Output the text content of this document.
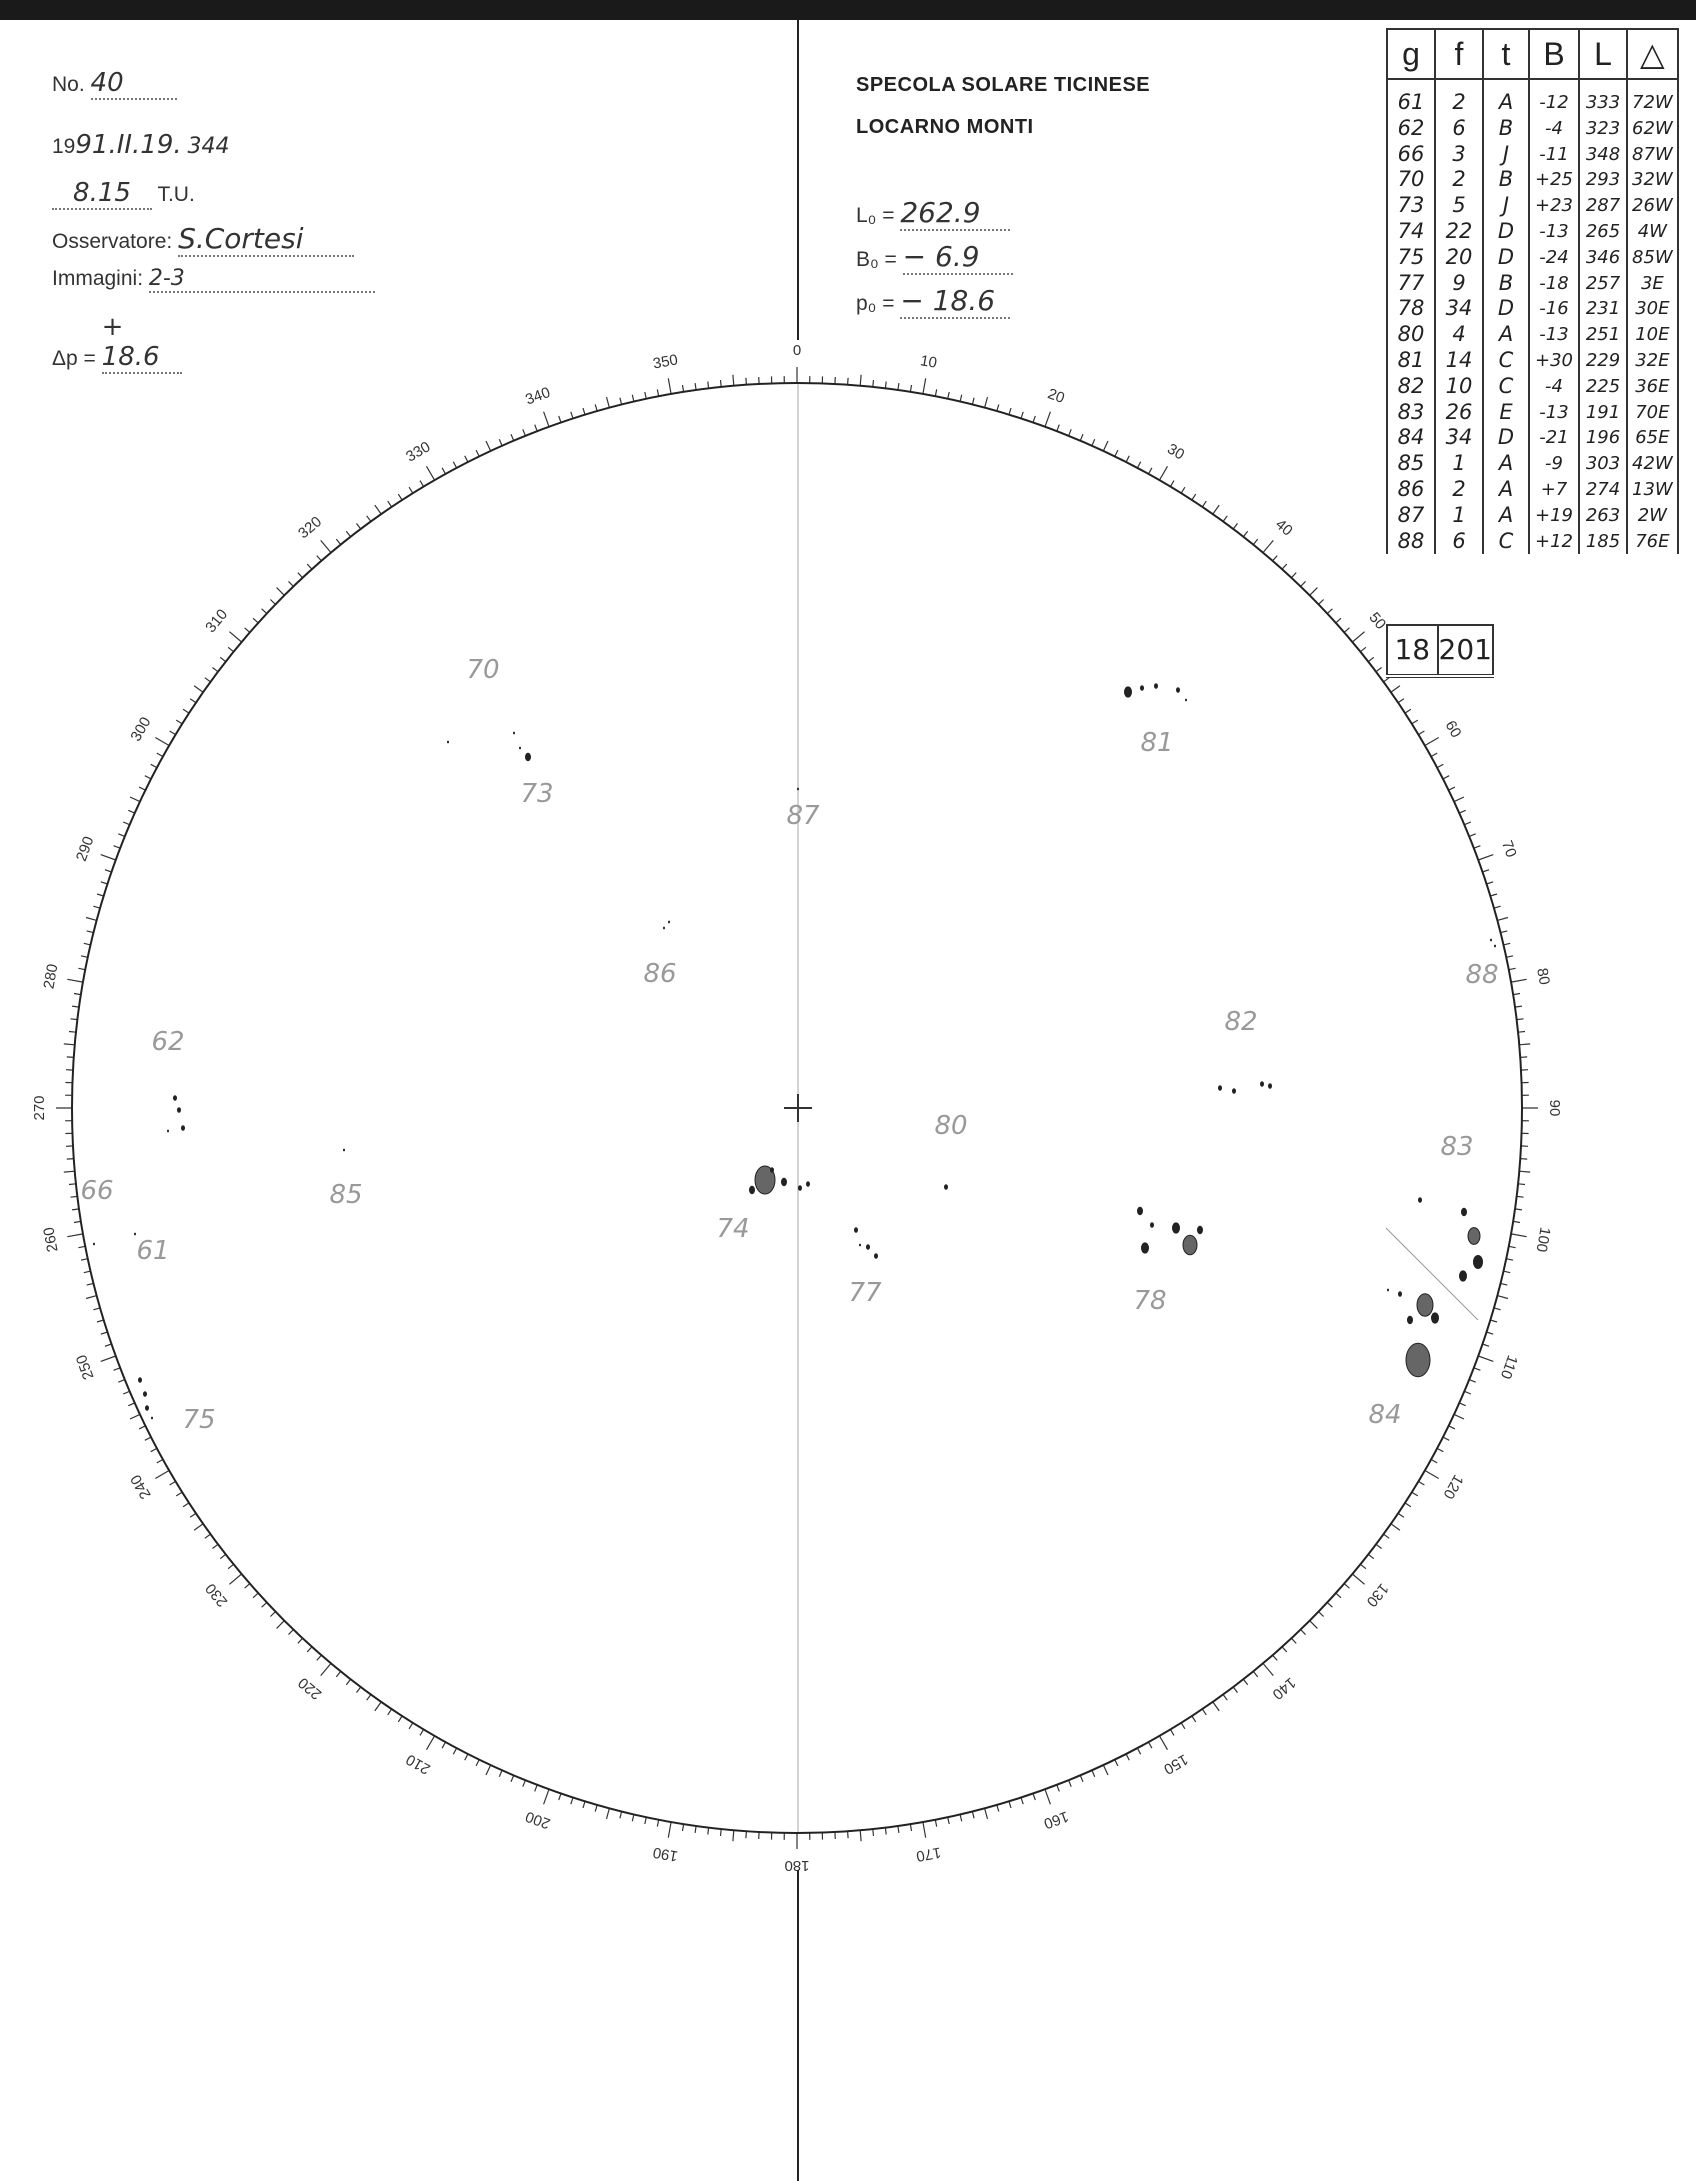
No. 40
1991.II.19. 344
8.15 T.U.
Osservatore: S.Cortesi
Immagini: 2-3
Δp = + 18.6
SPECOLA SOLARE TICINESE
LOCARNO MONTI
L₀ = 262.9
B₀ = − 6.9
p₀ = − 18.6
0
10
20
30
40
50
60
70
80
90
100
110
120
130
140
150
160
170
180
190
200
210
220
230
240
250
260
270
280
290
300
310
320
330
340
350
70
73
87
81
86	88
82
62
80
83
66	85
74
61
77	78
75	84
g	f	t	B	L	△
61	2	A	-12	333	72W
62	6	B	-4	323	62W
66	3	J	-11	348	87W
70	2	B	+25	293	32W
73	5	J	+23	287	26W
74	22	D	-13	265	4W
75	20	D	-24	346	85W
77	9	B	-18	257	3E
78	34	D	-16	231	30E
80	4	A	-13	251	10E
81	14	C	+30	229	32E
82	10	C	-4	225	36E
83	26	E	-13	191	70E
84	34	D	-21	196	65E
85	1	A	-9	303	42W
86	2	A	+7	274	13W
87	1	A	+19	263	2W
88	6	C	+12	185	76E
18 201
